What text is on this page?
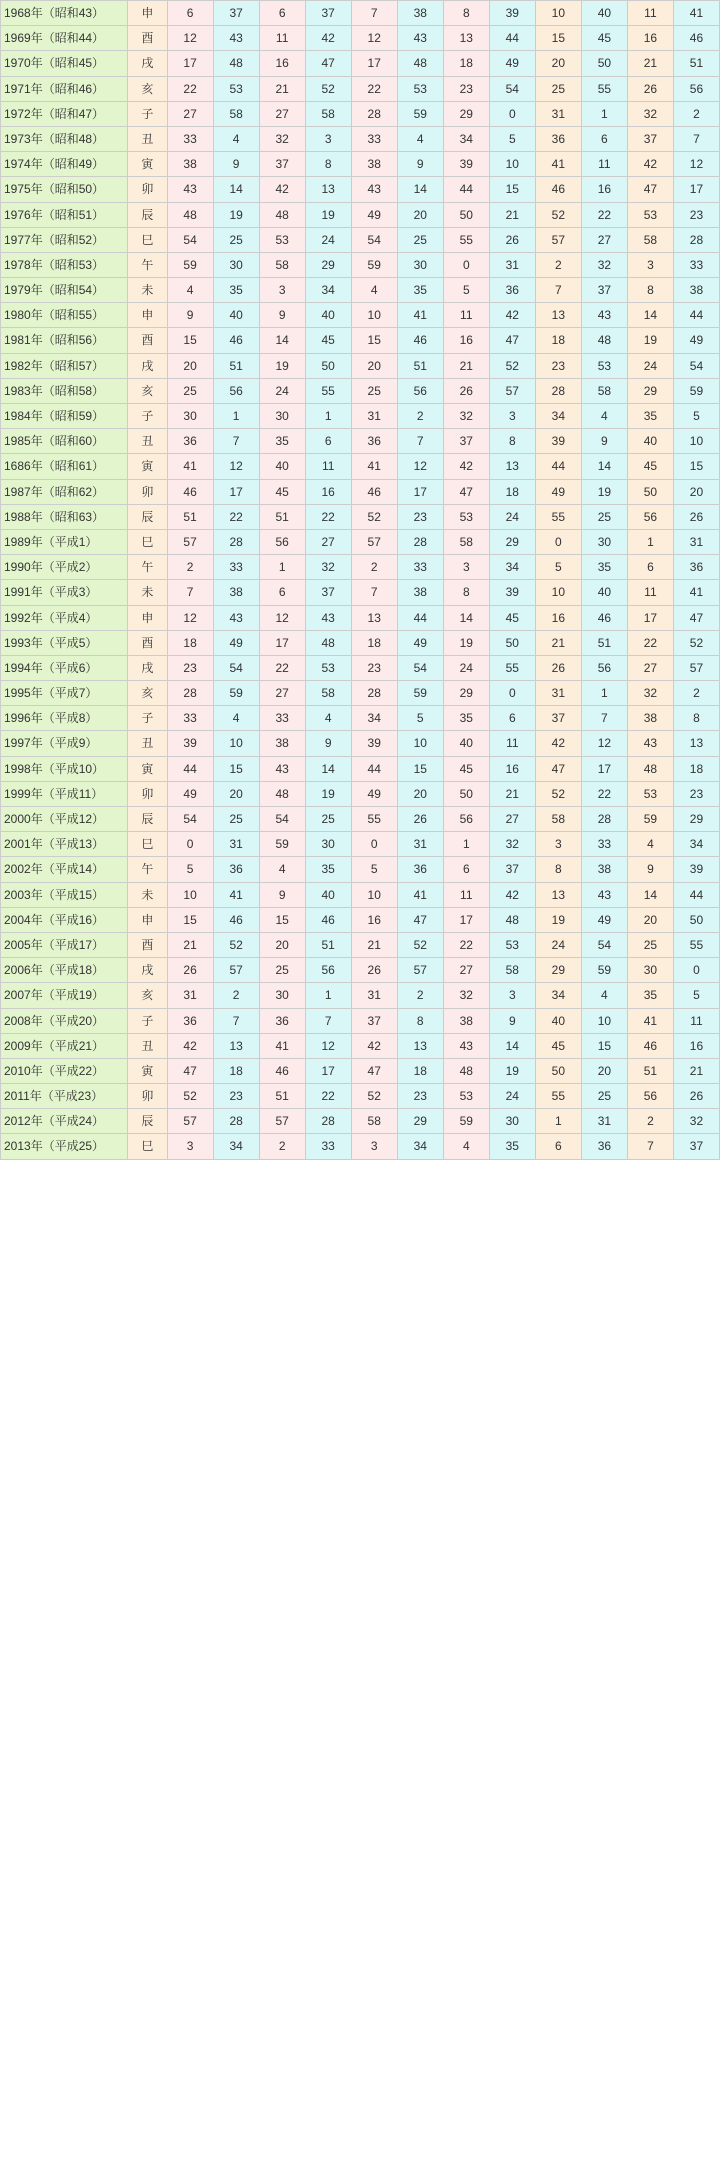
1968年（昭和43）	申	6	37	6	37	7	38	8	39	10	40	11	41
1969年（昭和44）	酉	12	43	11	42	12	43	13	44	15	45	16	46
1970年（昭和45）	戌	17	48	16	47	17	48	18	49	20	50	21	51
1971年（昭和46）	亥	22	53	21	52	22	53	23	54	25	55	26	56
1972年（昭和47）	子	27	58	27	58	28	59	29	0	31	1	32	2
1973年（昭和48）	丑	33	4	32	3	33	4	34	5	36	6	37	7
1974年（昭和49）	寅	38	9	37	8	38	9	39	10	41	11	42	12
1975年（昭和50）	卯	43	14	42	13	43	14	44	15	46	16	47	17
1976年（昭和51）	辰	48	19	48	19	49	20	50	21	52	22	53	23
1977年（昭和52）	巳	54	25	53	24	54	25	55	26	57	27	58	28
1978年（昭和53）	午	59	30	58	29	59	30	0	31	2	32	3	33
1979年（昭和54）	未	4	35	3	34	4	35	5	36	7	37	8	38
1980年（昭和55）	申	9	40	9	40	10	41	11	42	13	43	14	44
1981年（昭和56）	酉	15	46	14	45	15	46	16	47	18	48	19	49
1982年（昭和57）	戌	20	51	19	50	20	51	21	52	23	53	24	54
1983年（昭和58）	亥	25	56	24	55	25	56	26	57	28	58	29	59
1984年（昭和59）	子	30	1	30	1	31	2	32	3	34	4	35	5
1985年（昭和60）	丑	36	7	35	6	36	7	37	8	39	9	40	10
1686年（昭和61）	寅	41	12	40	11	41	12	42	13	44	14	45	15
1987年（昭和62）	卯	46	17	45	16	46	17	47	18	49	19	50	20
1988年（昭和63）	辰	51	22	51	22	52	23	53	24	55	25	56	26
1989年（平成1）	巳	57	28	56	27	57	28	58	29	0	30	1	31
1990年（平成2）	午	2	33	1	32	2	33	3	34	5	35	6	36
1991年（平成3）	未	7	38	6	37	7	38	8	39	10	40	11	41
1992年（平成4）	申	12	43	12	43	13	44	14	45	16	46	17	47
1993年（平成5）	酉	18	49	17	48	18	49	19	50	21	51	22	52
1994年（平成6）	戌	23	54	22	53	23	54	24	55	26	56	27	57
1995年（平成7）	亥	28	59	27	58	28	59	29	0	31	1	32	2
1996年（平成8）	子	33	4	33	4	34	5	35	6	37	7	38	8
1997年（平成9）	丑	39	10	38	9	39	10	40	11	42	12	43	13
1998年（平成10）	寅	44	15	43	14	44	15	45	16	47	17	48	18
1999年（平成11）	卯	49	20	48	19	49	20	50	21	52	22	53	23
2000年（平成12）	辰	54	25	54	25	55	26	56	27	58	28	59	29
2001年（平成13）	巳	0	31	59	30	0	31	1	32	3	33	4	34
2002年（平成14）	午	5	36	4	35	5	36	6	37	8	38	9	39
2003年（平成15）	未	10	41	9	40	10	41	11	42	13	43	14	44
2004年（平成16）	申	15	46	15	46	16	47	17	48	19	49	20	50
2005年（平成17）	酉	21	52	20	51	21	52	22	53	24	54	25	55
2006年（平成18）	戌	26	57	25	56	26	57	27	58	29	59	30	0
2007年（平成19）	亥	31	2	30	1	31	2	32	3	34	4	35	5
2008年（平成20）	子	36	7	36	7	37	8	38	9	40	10	41	11
2009年（平成21）	丑	42	13	41	12	42	13	43	14	45	15	46	16
2010年（平成22）	寅	47	18	46	17	47	18	48	19	50	20	51	21
2011年（平成23）	卯	52	23	51	22	52	23	53	24	55	25	56	26
2012年（平成24）	辰	57	28	57	28	58	29	59	30	1	31	2	32
2013年（平成25）	巳	3	34	2	33	3	34	4	35	6	36	7	37
